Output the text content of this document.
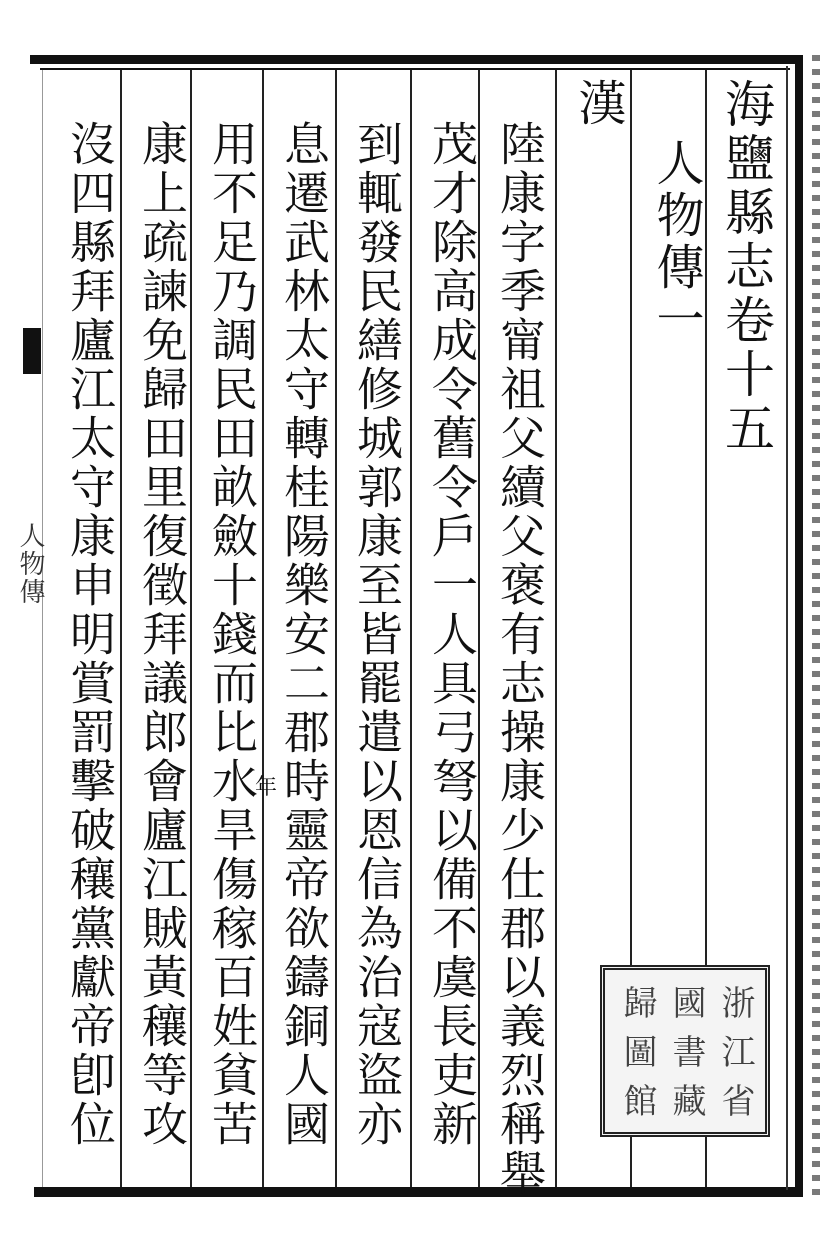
海鹽縣志卷十五
人物傳一
漢
陸康字季甯祖父續父褒有志操康少仕郡以義烈稱舉
茂才除高成令舊令戶一人具弓弩以備不虞長吏新
到輒發民繕修城郭康至皆罷遣以恩信為治寇盜亦
息遷武林太守轉桂陽樂安二郡時靈帝欲鑄銅人國
用不足乃調民田畝斂十錢而比水旱傷稼百姓貧苦
康上疏諫免歸田里復徵拜議郎會廬江賊黃穰等攻
沒四縣拜廬江太守康申明賞罰擊破穰黨獻帝卽位	年
歸 國 浙
圖 書 江
館 藏 省
人物傳
